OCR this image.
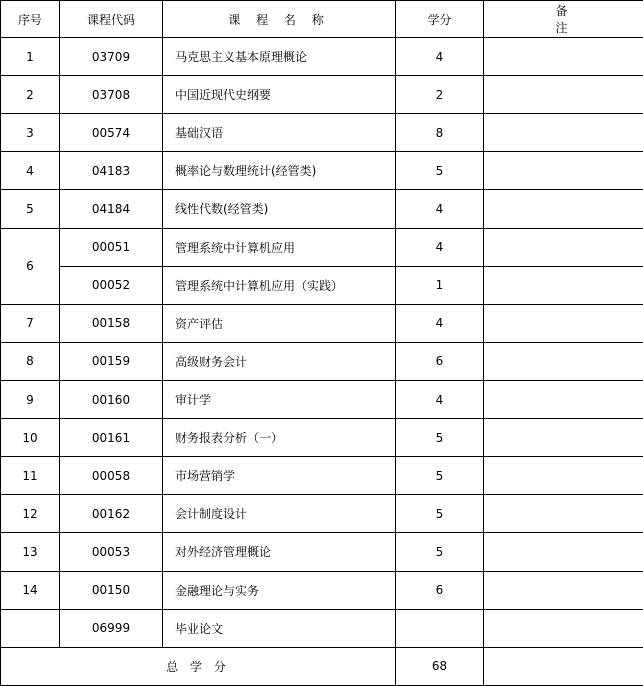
序号	课程代码	课 程 名 称	学分	备 注
1	03709	马克思主义基本原理概论	4	
2	03708	中国近现代史纲要	2	
3	00574	基础汉语	8	
4	04183	概率论与数理统计(经管类)	5	
5	04184	线性代数(经管类)	4	
6	00051	管理系统中计算机应用	4	
	00052	管理系统中计算机应用（实践）	1	
7	00158	资产评估	4	
8	00159	高级财务会计	6	
9	00160	审计学	4	
10	00161	财务报表分析（一）	5	
11	00058	市场营销学	5	
12	00162	会计制度设计	5	
13	00053	对外经济管理概论	5	
14	00150	金融理论与实务	6	
	06999	毕业论文		
总 学 分			68	
